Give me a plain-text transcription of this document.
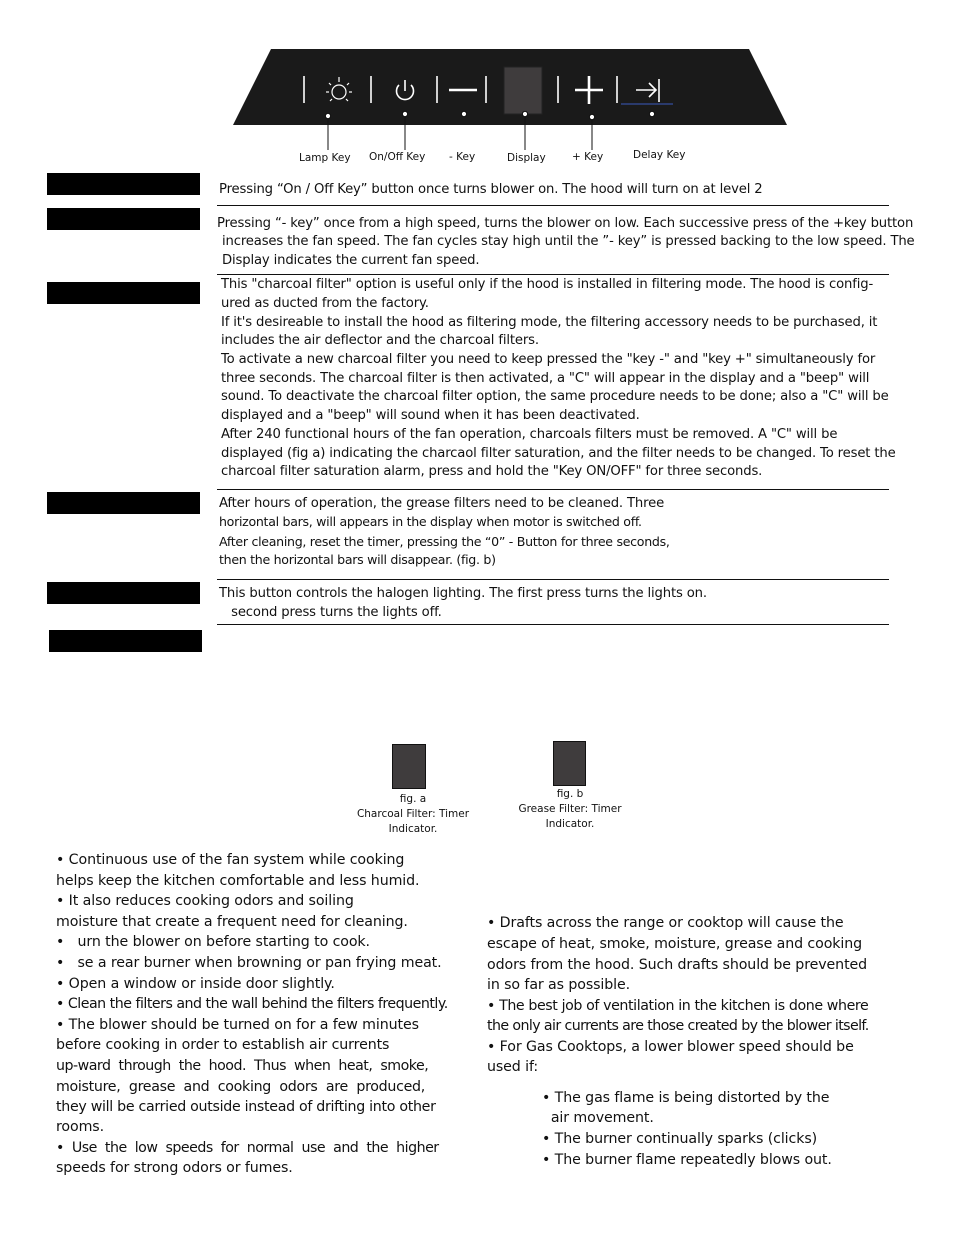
Lamp Key On/Off Key - Key	Display	+ Key	Delay Key
Pressing “On / Off Key” button once turns blower on. The hood will turn on at level 2
Pressing “- key” once from a high speed, turns the blower on low. Each successive press of the +key button
increases the fan speed. The fan cycles stay high until the ”- key” is pressed backing to the low speed. The
Display indicates the current fan speed.
This "charcoal filter" option is useful only if the hood is installed in filtering mode. The hood is config-
ured as ducted from the factory.
If it's desireable to install the hood as filtering mode, the filtering accessory needs to be purchased, it
includes the air deflector and the charcoal filters.
To activate a new charcoal filter you need to keep pressed the "key -" and "key +" simultaneously for
three seconds. The charcoal filter is then activated, a "C" will appear in the display and a "beep" will
sound. To deactivate the charcoal filter option, the same procedure needs to be done; also a "C" will be
displayed and a "beep" will sound when it has been deactivated.
After 240 functional hours of the fan operation, charcoals filters must be removed. A "C" will be
displayed (fig a) indicating the charcaol filter saturation, and the filter needs to be changed. To reset the
charcoal filter saturation alarm, press and hold the "Key ON/OFF" for three seconds.
After hours of operation, the grease filters need to be cleaned. Three
horizontal bars, will appears in the display when motor is switched off.
After cleaning, reset the timer, pressing the “0” - Button for three seconds,
then the horizontal bars will disappear. (fig. b)
This button controls the halogen lighting. The first press turns the lights on.
second press turns the lights off.
fig. a
Charcoal Filter: Timer
Indicator.
fig. b
Grease Filter: Timer
Indicator.
• Continuous use of the fan system while cooking
helps keep the kitchen comfortable and less humid.
• It also reduces cooking odors and soiling
moisture that create a frequent need for cleaning.
•   urn the blower on before starting to cook.
•   se a rear burner when browning or pan frying meat.
• Open a window or inside door slightly.
• Clean the filters and the wall behind the filters frequently.
• The blower should be turned on for a few minutes
before cooking in order to establish air currents
up-ward  through  the  hood.  Thus  when  heat,  smoke,
moisture,  grease  and  cooking  odors  are  produced,
they will be carried outside instead of drifting into other
rooms.
•  Use  the  low  speeds  for  normal  use  and  the  higher
speeds for strong odors or fumes.
• Drafts across the range or cooktop will cause the
escape of heat, smoke, moisture, grease and cooking
odors from the hood. Such drafts should be prevented
in so far as possible.
• The best job of ventilation in the kitchen is done where
the only air currents are those created by the blower itself.
• For Gas Cooktops, a lower blower speed should be
used if:
• The gas flame is being distorted by the
air movement.
• The burner continually sparks (clicks)
• The burner flame repeatedly blows out.
